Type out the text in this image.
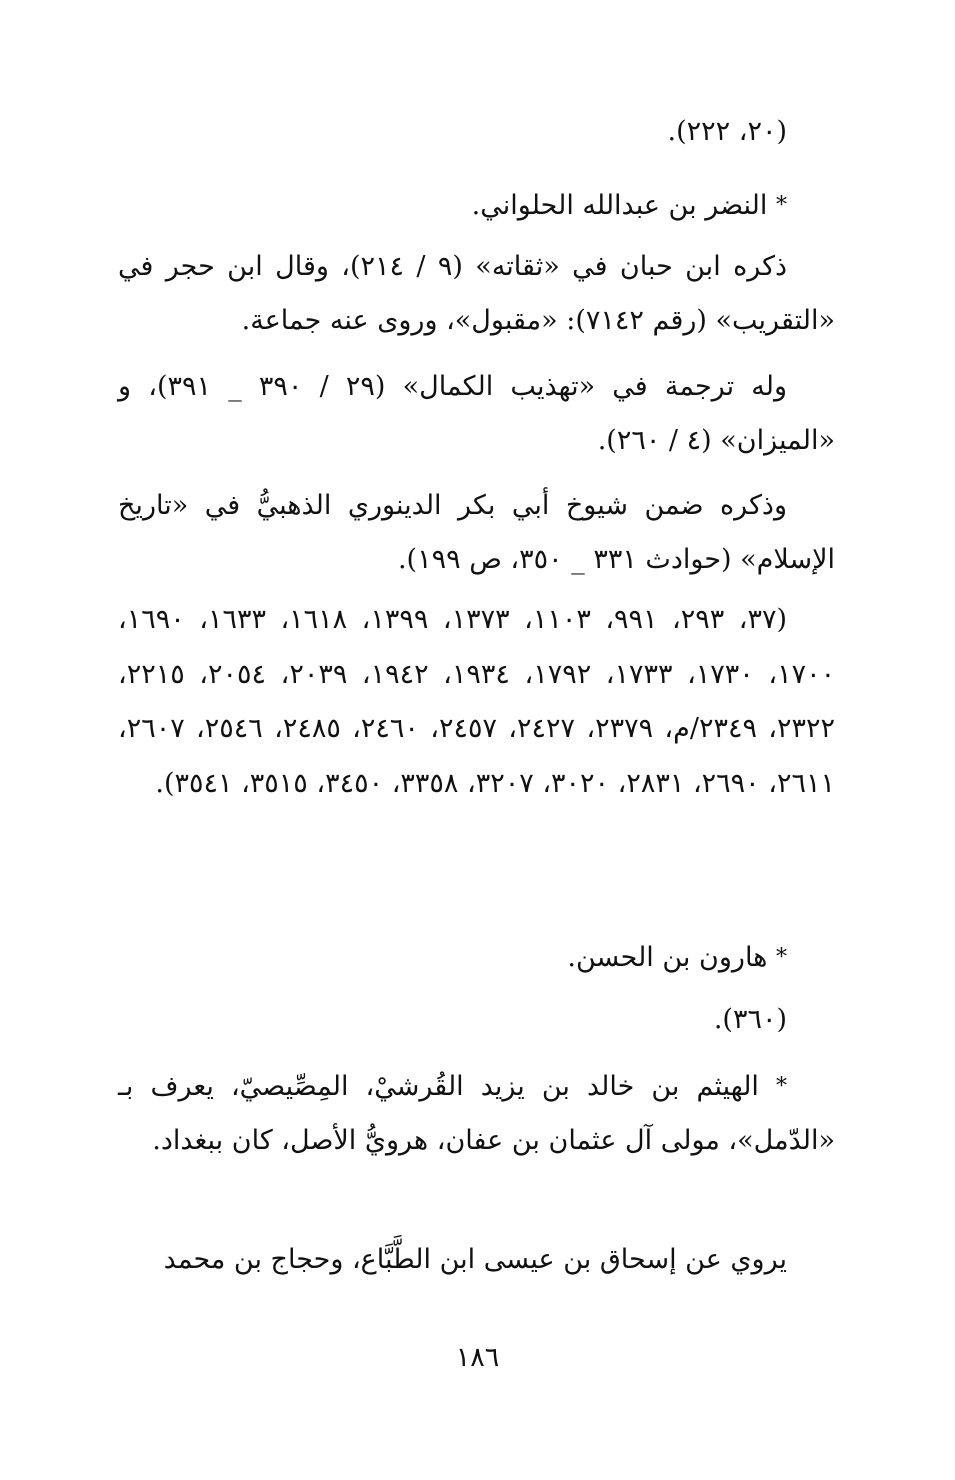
(٢٠، ٢٢٢).
* النضر بن عبدالله الحلواني.
ذكره ابن حبان في «ثقاته» (٩ / ٢١٤)، وقال ابن حجر في «التقريب» (رقم ٧١٤٢): «مقبول»، وروى عنه جماعة.
وله ترجمة في «تهذيب الكمال» (٢٩ / ٣٩٠ _ ٣٩١)، و «الميزان» (٤ / ٢٦٠).
وذكره ضمن شيوخ أبي بكر الدينوري الذهبيُّ في «تاريخ الإسلام» (حوادث ٣٣١ _ ٣٥٠، ص ١٩٩).
(٣٧، ٢٩٣، ٩٩١، ١١٠٣، ١٣٧٣، ١٣٩٩، ١٦١٨، ١٦٣٣، ١٦٩٠، ١٧٠٠، ١٧٣٠، ١٧٣٣، ١٧٩٢، ١٩٣٤، ١٩٤٢، ٢٠٣٩، ٢٠٥٤، ٢٢١٥، ٢٣٢٢، ٢٣٤٩/م، ٢٣٧٩، ٢٤٢٧، ٢٤٥٧، ٢٤٦٠، ٢٤٨٥، ٢٥٤٦، ٢٦٠٧، ٢٦١١، ٢٦٩٠، ٢٨٣١، ٣٠٢٠، ٣٢٠٧، ٣٣٥٨، ٣٤٥٠، ٣٥١٥، ٣٥٤١).
* هارون بن الحسن.
(٣٦٠).
* الهيثم بن خالد بن يزيد القُرشيْ، المِصِّيصيّ، يعرف بـ «الدّمل»، مولى آل عثمان بن عفان، هرويُّ الأصل، كان ببغداد.
يروي عن إسحاق بن عيسى ابن الطَّبَّاع، وحجاج بن محمد
١٨٦
